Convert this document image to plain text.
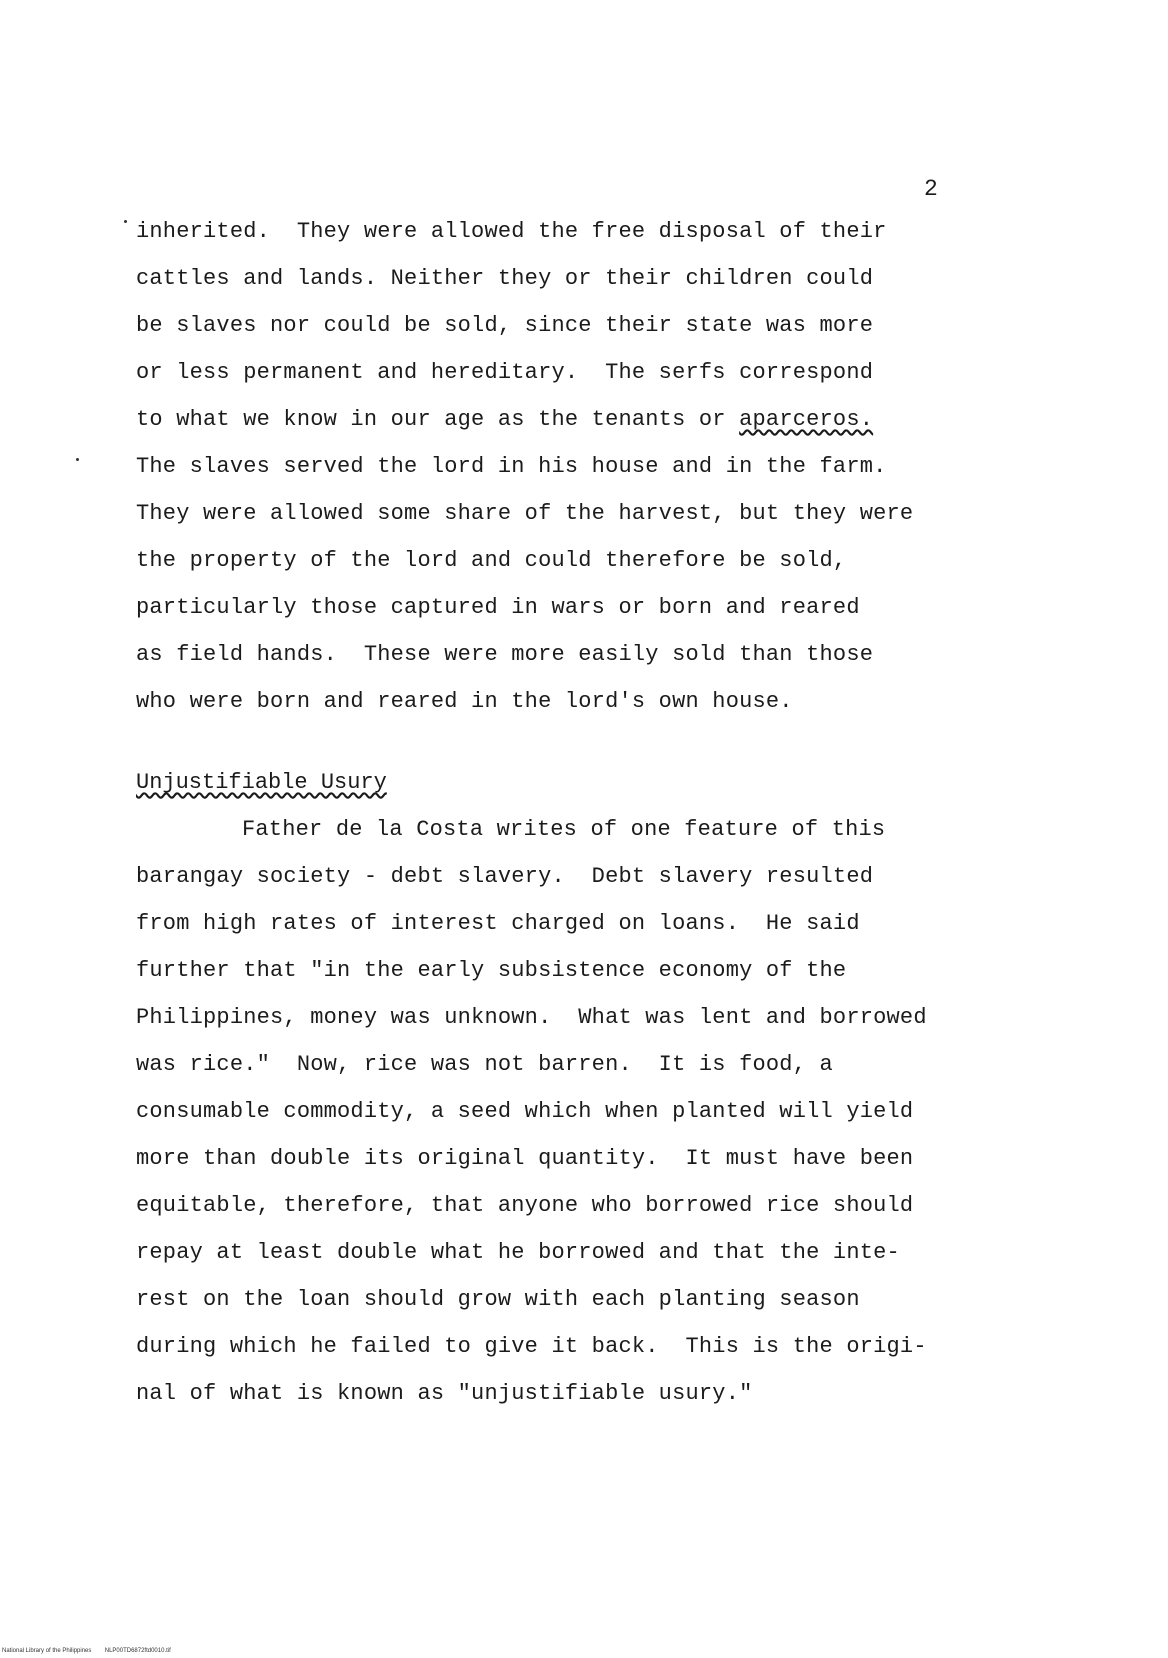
2
inherited.  They were allowed the free disposal of their
cattles and lands. Neither they or their children could
be slaves nor could be sold, since their state was more
or less permanent and hereditary.  The serfs correspond
to what we know in our age as the tenants or aparceros.
The slaves served the lord in his house and in the farm.
They were allowed some share of the harvest, but they were
the property of the lord and could therefore be sold,
particularly those captured in wars or born and reared
as field hands.  These were more easily sold than those
who were born and reared in the lord's own house.
Unjustifiable Usury
Father de la Costa writes of one feature of this
barangay society - debt slavery.  Debt slavery resulted
from high rates of interest charged on loans.  He said
further that "in the early subsistence economy of the
Philippines, money was unknown.  What was lent and borrowed
was rice."  Now, rice was not barren.  It is food, a
consumable commodity, a seed which when planted will yield
more than double its original quantity.  It must have been
equitable, therefore, that anyone who borrowed rice should
repay at least double what he borrowed and that the inte-
rest on the loan should grow with each planting season
during which he failed to give it back.  This is the origi-
nal of what is known as "unjustifiable usury."
National Library of the Philippines NLP00TD6872ftd0010.tif
